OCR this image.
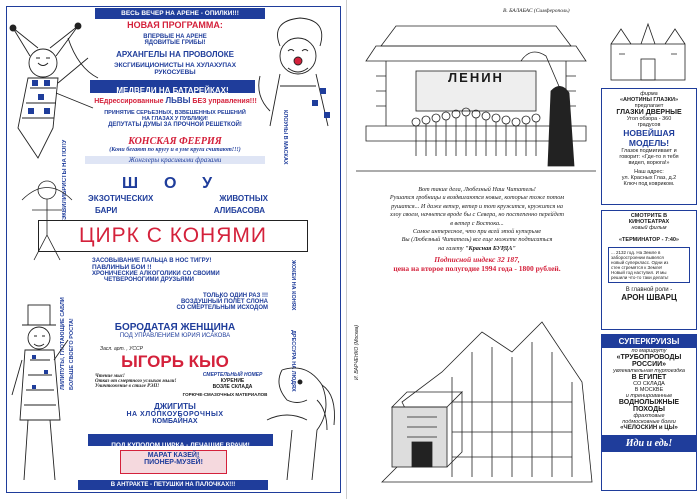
ВЕСЬ ВЕЧЕР НА АРЕНЕ - ОПИЛКИ!!!
НОВАЯ ПРОГРАММА:
ВПЕРВЫЕ НА АРЕНЕ
ЯДОВИТЫЕ ГРИБЫ!
АРХАНГЕЛЫ НА ПРОВОЛОКЕ
ЭКСГИБИЦИОНИСТЫ НА ХУЛАХУПАХ
РУКОСУЕВЫ
МЕДВЕДИ НА БАТАРЕЙКАХ!
НЕдрессированные ЛЬВЫ БЕЗ управления!!!
ПРИНЯТИЕ СЕРЬЕЗНЫХ, ВЗВЕШЕННЫХ РЕШЕНИЙ
НА ГЛАЗАХ У ПУБЛИКИ!
ДЕПУТАТЫ ДУМЫ ЗА ПРОЧНОЙ РЕШЕТКОЙ!
КОНСКАЯ ФЕЕРИЯ
(Кони бегают по кругу и в уме круги считают!!!)
Жонглеры красивыми фразами
ШОУ
ЭКЗОТИЧЕСКИХ	ЖИВОТНЫХ
БАРИ	АЛИБАСОВА
ЦИРК С КОНЯМИ
ЗАСОВЫВАНИЕ ПАЛЬЦА В НОС ТИГРУ!
ПАВЛИНЬИ БОИ !!
ХРОНИЧЕСКИЕ АЛКОГОЛИКИ СО СВОИМИ
ЧЕТВЕРОНОГИМИ ДРУЗЬЯМИ
ТОЛЬКО ОДИН РАЗ !!!
ВОЗДУШНЫЙ ПОЛЕТ СЛОНА
СО СМЕРТЕЛЬНЫМ ИСХОДОМ
БОРОДАТАЯ ЖЕНЩИНА
ПОД УПРАВЛЕНИЕМ ЮРИЯ ИСАКОВА
Засл. арт. , УССР
ЫГОРЬ КЫО
Чтение мыс!
Отказ от смертного услыхав мыли!
Уничтожение в стиле РЭП!
СМЕРТЕЛЬНЫЙ НОМЕР
КУРЕНИЕ
ВОЗЛЕ СКЛАДА
ГОРЮЧЕ-СМАЗОЧНЫХ МАТЕРИАЛОВ
ДЖИГИТЫ
НА ХЛОПКОУБОРОЧНЫХ
КОМБАЙНАХ
ПОД КУПОЛОМ ЦИРКА - ЛЕЧАЩИЕ ВРАЧИ!
МАРАТ КАЗЕЙ!
ПИОНЕР-МУЗЕЙ!
В АНТРАКТЕ - ПЕТУШКИ НА ПАЛОЧКАХ!!!
ЭКВИЛИБРИСТЫ НА ПОПУ
ЛИЛИПУТЫ, ГЛОТАЮЩИЕ САБЛИ БОЛЬШЕ СВОЕГО РОСТА!
КЛОУНЫ В МАСКАХ
ЖОКЕИ НА КОНЯХ
ДРЕССУРА НА ЛЮДЯХ
В. БАЛАБАС (Симферополь)
ЛЕНИН
Вот такие дела, Любезный Наш Читатель!
Рушатся гробницы и воздвигаются новые, которые тоже потом
рушатся... И даже ветер, ветер и тот кружится, кружится на
хлоу своем, начнется вроде бы с Севера, но постепенно перейдет
в ветер с Востока...
Самое интересное, что при всей этой кутерьме
Вы (Любезный Читатель) все еще можете подписаться
на газету "Красная БУРДА"
Подписной индекс 32 187,
цена на второе полугодие 1994 года - 1800 рублей.
И. ВАРЧЕНКО (Москва)
фирма
«АНОТИНЫ ГЛАЗКИ»
предлагает
ГЛАЗКИ ДВЕРНЫЕ
Угол обзора - 360
градусов
НОВЕЙШАЯ
МОДЕЛЬ!
Глазок подмигивает и
говорит: «Где-то я тебя
видел, ворюга!»
Наш адрес:
ул. Красных Глаз, д.2
Ключ под ковриком.
СМОТРИТЕ В
КИНОТЕАТРАХ
новый фильм
«ТЕРМИНАТОР - 7:40»
... 2132 год. На Земле в
заборостроении вывелся
новый суперкласс. Одни из
стен стремятся к Земле!
Новый год наступил. И мы
решили что-то таки делать!
В главной роли -
АРОН ШВАРЦ
СУПЕРКРУИЗЫ
по маршруту
«ТРУБОПРОВОДЫ
РОССИИ»
увлекательная турпоездка
В ЕГИПЕТ
СО СКЛАДА
В МОСКВЕ
и тренированные
ВОДНОЛЫЖНЫЕ
ПОХОДЫ
фрахтовые
подмосковные богги
«ЧЕЛОСКИН и ЦЫ»
Иди и едь!
